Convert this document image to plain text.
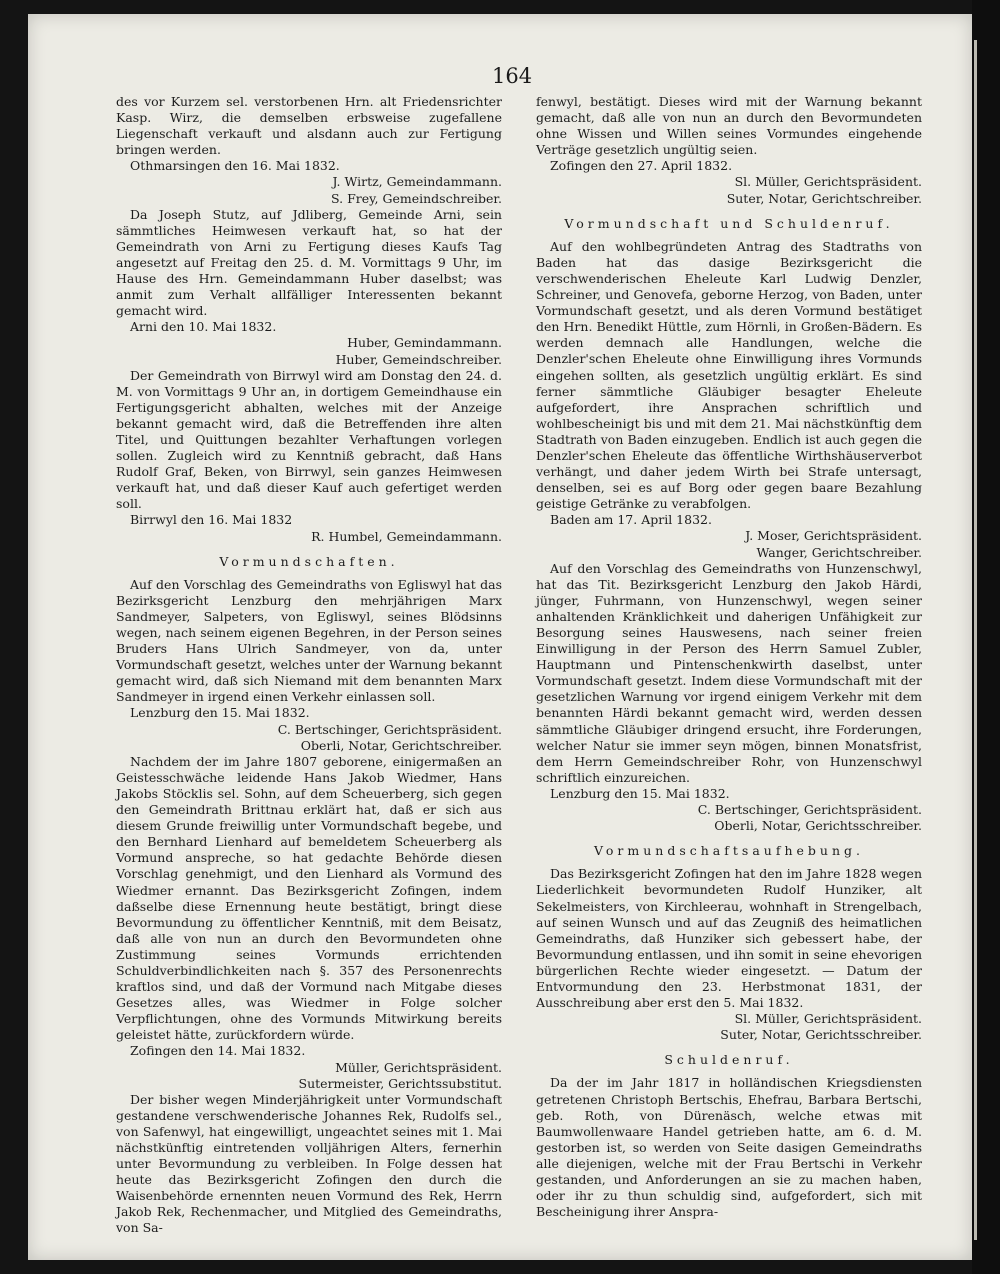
164

des vor Kurzem sel. verstorbenen Hrn. alt Friedensrichter Kasp. Wirz, die demselben erbsweise zugefallene Liegenschaft verkauft und alsdann auch zur Fertigung bringen werden.

Othmarsingen den 16. Mai 1832.

J. Wirtz, Gemeindammann.

S. Frey, Gemeindschreiber.

Da Joseph Stutz, auf Jdliberg, Gemeinde Arni, sein sämmtliches Heimwesen verkauft hat, so hat der Gemeindrath von Arni zu Fertigung dieses Kaufs Tag angesetzt auf Freitag den 25. d. M. Vormittags 9 Uhr, im Hause des Hrn. Gemeindammann Huber daselbst; was anmit zum Verhalt allfälliger Interessenten bekannt gemacht wird.

Arni den 10. Mai 1832.

Huber, Gemindammann.

Huber, Gemeindschreiber.

Der Gemeindrath von Birrwyl wird am Donstag den 24. d. M. von Vormittags 9 Uhr an, in dortigem Gemeindhause ein Fertigungsgericht abhalten, welches mit der Anzeige bekannt gemacht wird, daß die Betreffenden ihre alten Titel, und Quittungen bezahlter Verhaftungen vorlegen sollen. Zugleich wird zu Kenntniß gebracht, daß Hans Rudolf Graf, Beken, von Birrwyl, sein ganzes Heimwesen verkauft hat, und daß dieser Kauf auch gefertiget werden soll.

Birrwyl den 16. Mai 1832

R. Humbel, Gemeindammann.

Vormundschaften.

Auf den Vorschlag des Gemeindraths von Egliswyl hat das Bezirksgericht Lenzburg den mehrjährigen Marx Sandmeyer, Salpeters, von Egliswyl, seines Blödsinns wegen, nach seinem eigenen Begehren, in der Person seines Bruders Hans Ulrich Sandmeyer, von da, unter Vormundschaft gesetzt, welches unter der Warnung bekannt gemacht wird, daß sich Niemand mit dem benannten Marx Sandmeyer in irgend einen Verkehr einlassen soll.

Lenzburg den 15. Mai 1832.

C. Bertschinger, Gerichtspräsident.

Oberli, Notar, Gerichtschreiber.

Nachdem der im Jahre 1807 geborene, einigermaßen an Geistesschwäche leidende Hans Jakob Wiedmer, Hans Jakobs Stöcklis sel. Sohn, auf dem Scheuerberg, sich gegen den Gemeindrath Brittnau erklärt hat, daß er sich aus diesem Grunde freiwillig unter Vormundschaft begebe, und den Bernhard Lienhard auf bemeldetem Scheuerberg als Vormund anspreche, so hat gedachte Behörde diesen Vorschlag genehmigt, und den Lienhard als Vormund des Wiedmer ernannt. Das Bezirksgericht Zofingen, indem daßselbe diese Ernennung heute bestätigt, bringt diese Bevormundung zu öffentlicher Kenntniß, mit dem Beisatz, daß alle von nun an durch den Bevormundeten ohne Zustimmung seines Vormunds errichtenden Schuldverbindlichkeiten nach §. 357 des Personenrechts kraftlos sind, und daß der Vormund nach Mitgabe dieses Gesetzes alles, was Wiedmer in Folge solcher Verpflichtungen, ohne des Vormunds Mitwirkung bereits geleistet hätte, zurückfordern würde.

Zofingen den 14. Mai 1832.

Müller, Gerichtspräsident.

Sutermeister, Gerichtssubstitut.

Der bisher wegen Minderjährigkeit unter Vormundschaft gestandene verschwenderische Johannes Rek, Rudolfs sel., von Safenwyl, hat eingewilligt, ungeachtet seines mit 1. Mai nächstkünftig eintretenden volljährigen Alters, fernerhin unter Bevormundung zu verbleiben. In Folge dessen hat heute das Bezirksgericht Zofingen den durch die Waisenbehörde ernennten neuen Vormund des Rek, Herrn Jakob Rek, Rechenmacher, und Mitglied des Gemeindraths, von Sa-

fenwyl, bestätigt. Dieses wird mit der Warnung bekannt gemacht, daß alle von nun an durch den Bevormundeten ohne Wissen und Willen seines Vormundes eingehende Verträge gesetzlich ungültig seien.

Zofingen den 27. April 1832.

Sl. Müller, Gerichtspräsident.

Suter, Notar, Gerichtschreiber.

Vormundschaft und Schuldenruf.

Auf den wohlbegründeten Antrag des Stadtraths von Baden hat das dasige Bezirksgericht die verschwenderischen Eheleute Karl Ludwig Denzler, Schreiner, und Genovefa, geborne Herzog, von Baden, unter Vormundschaft gesetzt, und als deren Vormund bestätiget den Hrn. Benedikt Hüttle, zum Hörnli, in Großen-Bädern. Es werden demnach alle Handlungen, welche die Denzler'schen Eheleute ohne Einwilligung ihres Vormunds eingehen sollten, als gesetzlich ungültig erklärt. Es sind ferner sämmtliche Gläubiger besagter Eheleute aufgefordert, ihre Ansprachen schriftlich und wohlbescheinigt bis und mit dem 21. Mai nächstkünftig dem Stadtrath von Baden einzugeben. Endlich ist auch gegen die Denzler'schen Eheleute das öffentliche Wirthshäuserverbot verhängt, und daher jedem Wirth bei Strafe untersagt, denselben, sei es auf Borg oder gegen baare Bezahlung geistige Getränke zu verabfolgen.

Baden am 17. April 1832.

J. Moser, Gerichtspräsident.

Wanger, Gerichtschreiber.

Auf den Vorschlag des Gemeindraths von Hunzenschwyl, hat das Tit. Bezirksgericht Lenzburg den Jakob Härdi, jünger, Fuhrmann, von Hunzenschwyl, wegen seiner anhaltenden Kränklichkeit und daherigen Unfähigkeit zur Besorgung seines Hauswesens, nach seiner freien Einwilligung in der Person des Herrn Samuel Zubler, Hauptmann und Pintenschenkwirth daselbst, unter Vormundschaft gesetzt. Indem diese Vormundschaft mit der gesetzlichen Warnung vor irgend einigem Verkehr mit dem benannten Härdi bekannt gemacht wird, werden dessen sämmtliche Gläubiger dringend ersucht, ihre Forderungen, welcher Natur sie immer seyn mögen, binnen Monatsfrist, dem Herrn Gemeindschreiber Rohr, von Hunzenschwyl schriftlich einzureichen.

Lenzburg den 15. Mai 1832.

C. Bertschinger, Gerichtspräsident.

Oberli, Notar, Gerichtsschreiber.

Vormundschaftsaufhebung.

Das Bezirksgericht Zofingen hat den im Jahre 1828 wegen Liederlichkeit bevormundeten Rudolf Hunziker, alt Sekelmeisters, von Kirchleerau, wohnhaft in Strengelbach, auf seinen Wunsch und auf das Zeugniß des heimatlichen Gemeindraths, daß Hunziker sich gebessert habe, der Bevormundung entlassen, und ihn somit in seine ehevorigen bürgerlichen Rechte wieder eingesetzt. — Datum der Entvormundung den 23. Herbstmonat 1831, der Ausschreibung aber erst den 5. Mai 1832.

Sl. Müller, Gerichtspräsident.

Suter, Notar, Gerichtsschreiber.

Schuldenruf.

Da der im Jahr 1817 in holländischen Kriegsdiensten getretenen Christoph Bertschis, Ehefrau, Barbara Bertschi, geb. Roth, von Dürenäsch, welche etwas mit Baumwollenwaare Handel getrieben hatte, am 6. d. M. gestorben ist, so werden von Seite dasigen Gemeindraths alle diejenigen, welche mit der Frau Bertschi in Verkehr gestanden, und Anforderungen an sie zu machen haben, oder ihr zu thun schuldig sind, aufgefordert, sich mit Bescheinigung ihrer Anspra-
